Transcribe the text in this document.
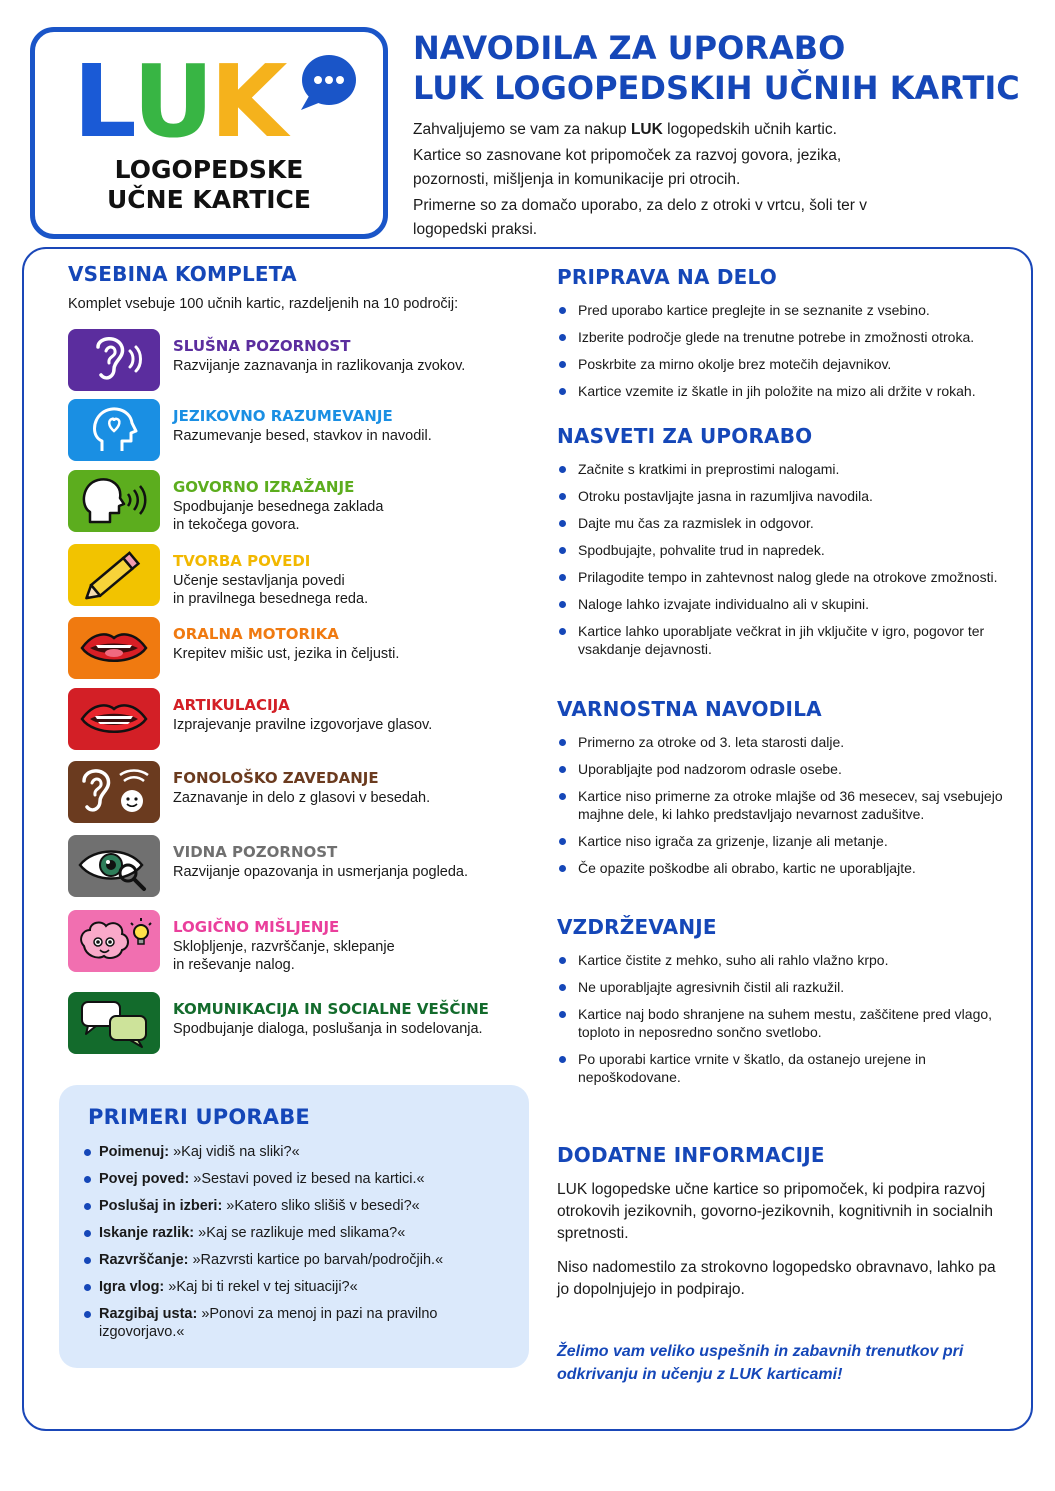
LUK
LOGOPEDSKE
UČNE KARTICE
NAVODILA ZA UPORABO
LUK LOGOPEDSKIH UČNIH KARTIC

Zahvaljujemo se vam za nakup LUK logopedskih učnih kartic.

Kartice so zasnovane kot pripomoček za razvoj govora, jezika, pozornosti, mišljenja in komunikacije pri otrocih.

Primerne so za domačo uporabo, za delo z otroki v vrtcu, šoli ter v logopedski praksi.

VSEBINA KOMPLETA
Komplet vsebuje 100 učnih kartic, razdeljenih na 10 področij:
SLUŠNA POZORNOST
Razvijanje zaznavanja in razlikovanja zvokov.
JEZIKOVNO RAZUMEVANJE
Razumevanje besed, stavkov in navodil.
GOVORNO IZRAŽANJE
Spodbujanje besednega zaklada
in tekočega govora.
TVORBA POVEDI
Učenje sestavljanja povedi
in pravilnega besednega reda.
ORALNA MOTORIKA
Krepitev mišic ust, jezika in čeljusti.
ARTIKULACIJA
Izprajevanje pravilne izgovorjave glasov.
FONOLOŠKO ZAVEDANJE
Zaznavanje in delo z glasovi v besedah.
VIDNA POZORNOST
Razvijanje opazovanja in usmerjanja pogleda.
LOGIČNO MIŠLJENJE
Skloþljenje, razvrščanje, sklepanje
in reševanje nalog.
KOMUNIKACIJA IN SOCIALNE VEŠČINE
Spodbujanje dialoga, poslušanja in sodelovanja.
PRIMERI UPORABE
Poimenuj: »Kaj vidiš na sliki?«
Povej poved: »Sestavi poved iz besed na kartici.«
Poslušaj in izberi: »Katero sliko slišiš v besedi?«
Iskanje razlik: »Kaj se razlikuje med slikama?«
Razvrščanje: »Razvrsti kartice po barvah/področjih.«
Igra vlog: »Kaj bi ti rekel v tej situaciji?«
Razgibaj usta: »Ponovi za menoj in pazi na pravilno izgovorjavo.«
PRIPRAVA NA DELO
Pred uporabo kartice preglejte in se seznanite z vsebino.
Izberite področje glede na trenutne potrebe in zmožnosti otroka.
Poskrbite za mirno okolje brez motečih dejavnikov.
Kartice vzemite iz škatle in jih položite na mizo ali držite v rokah.
NASVETI ZA UPORABO
Začnite s kratkimi in preprostimi nalogami.
Otroku postavljajte jasna in razumljiva navodila.
Dajte mu čas za razmislek in odgovor.
Spodbujajte, pohvalite trud in napredek.
Prilagodite tempo in zahtevnost nalog glede na otrokove zmožnosti.
Naloge lahko izvajate individualno ali v skupini.
Kartice lahko uporabljate večkrat in jih vključite v igro, pogovor ter vsakdanje dejavnosti.
VARNOSTNA NAVODILA
Primerno za otroke od 3. leta starosti dalje.
Uporabljajte pod nadzorom odrasle osebe.
Kartice niso primerne za otroke mlajše od 36 mesecev, saj vsebujejo majhne dele, ki lahko predstavljajo nevarnost zadušitve.
Kartice niso igrača za grizenje, lizanje ali metanje.
Če opazite poškodbe ali obrabo, kartic ne uporabljajte.
VZDRŽEVANJE
Kartice čistite z mehko, suho ali rahlo vlažno krpo.
Ne uporabljajte agresivnih čistil ali razkužil.
Kartice naj bodo shranjene na suhem mestu, zaščitene pred vlago, toploto in neposredno sončno svetlobo.
Po uporabi kartice vrnite v škatlo, da ostanejo urejene in nepoškodovane.
DODATNE INFORMACIJE

LUK logopedske učne kartice so pripomoček, ki podpira razvoj otrokovih jezikovnih, govorno-jezikovnih, kognitivnih in socialnih spretnosti.

Niso nadomestilo za strokovno logopedsko obravnavo, lahko pa jo dopolnjujejo in podpirajo.

Želimo vam veliko uspešnih in zabavnih trenutkov pri odkrivanju in učenju z LUK karticami!
